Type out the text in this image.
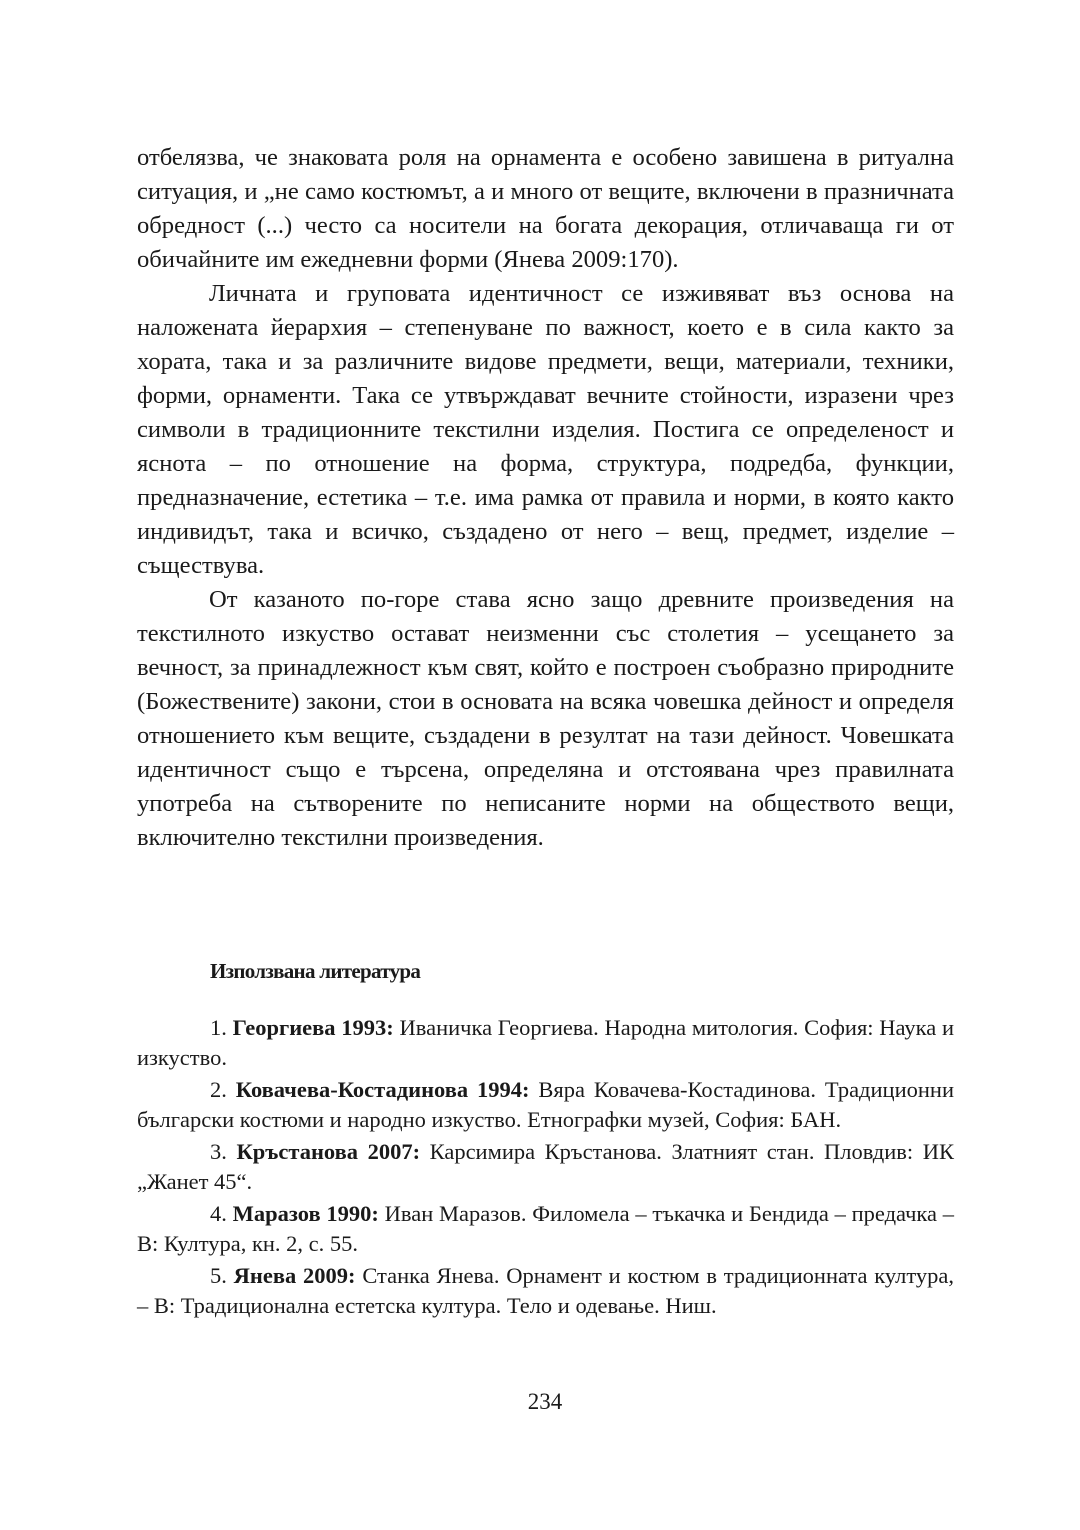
отбелязва, че знаковата роля на орнамента е особено завишена в ритуална ситуация, и „не само костюмът, а и много от вещите, включени в празничната обредност (...) често са носители на богата декорация, отличаваща ги от обичайните им ежедневни форми (Янева 2009:170).

Личната и груповата идентичност се изживяват въз основа на наложената йерархия – степенуване по важност, което е в сила както за хората, така и за различните видове предмети, вещи, материали, техники, форми, орнаменти. Така се утвърждават вечните стойности, изразени чрез символи в традиционните текстилни изделия. Постига се определеност и яснота – по отношение на форма, структура, подредба, функции, предназначение, естетика – т.е. има рамка от правила и норми, в която както индивидът, така и всичко, създадено от него – вещ, предмет, изделие – съществува.

От казаното по-горе става ясно защо древните произведения на текстилното изкуство остават неизменни със столетия – усещането за вечност, за принадлежност към свят, който е построен съобразно природните (Божествените) закони, стои в основата на всяка човешка дейност и определя отношението към вещите, създадени в резултат на тази дейност. Човешката идентичност също е търсена, определяна и отстоявана чрез правилната употреба на сътворените по неписаните норми на обществото вещи, включително текстилни произведения.

Използвана литература
1. Георгиева 1993: Иваничка Георгиева. Народна митология. София: Наука и изкуство.
2. Ковачева-Костадинова 1994: Вяра Ковачева-Костадинова. Традиционни български костюми и народно изкуство. Етнографки музей, София: БАН.
3. Кръстанова 2007: Карсимира Кръстанова. Златният стан. Пловдив: ИК „Жанет 45“.
4. Маразов 1990: Иван Маразов. Филомела – тъкачка и Бендида – предачка – В: Култура, кн. 2, с. 55.
5. Янева 2009: Станка Янева. Орнамент и костюм в традиционната култура, – В: Традиционална естетска култура. Тело и одевање. Ниш.
234
